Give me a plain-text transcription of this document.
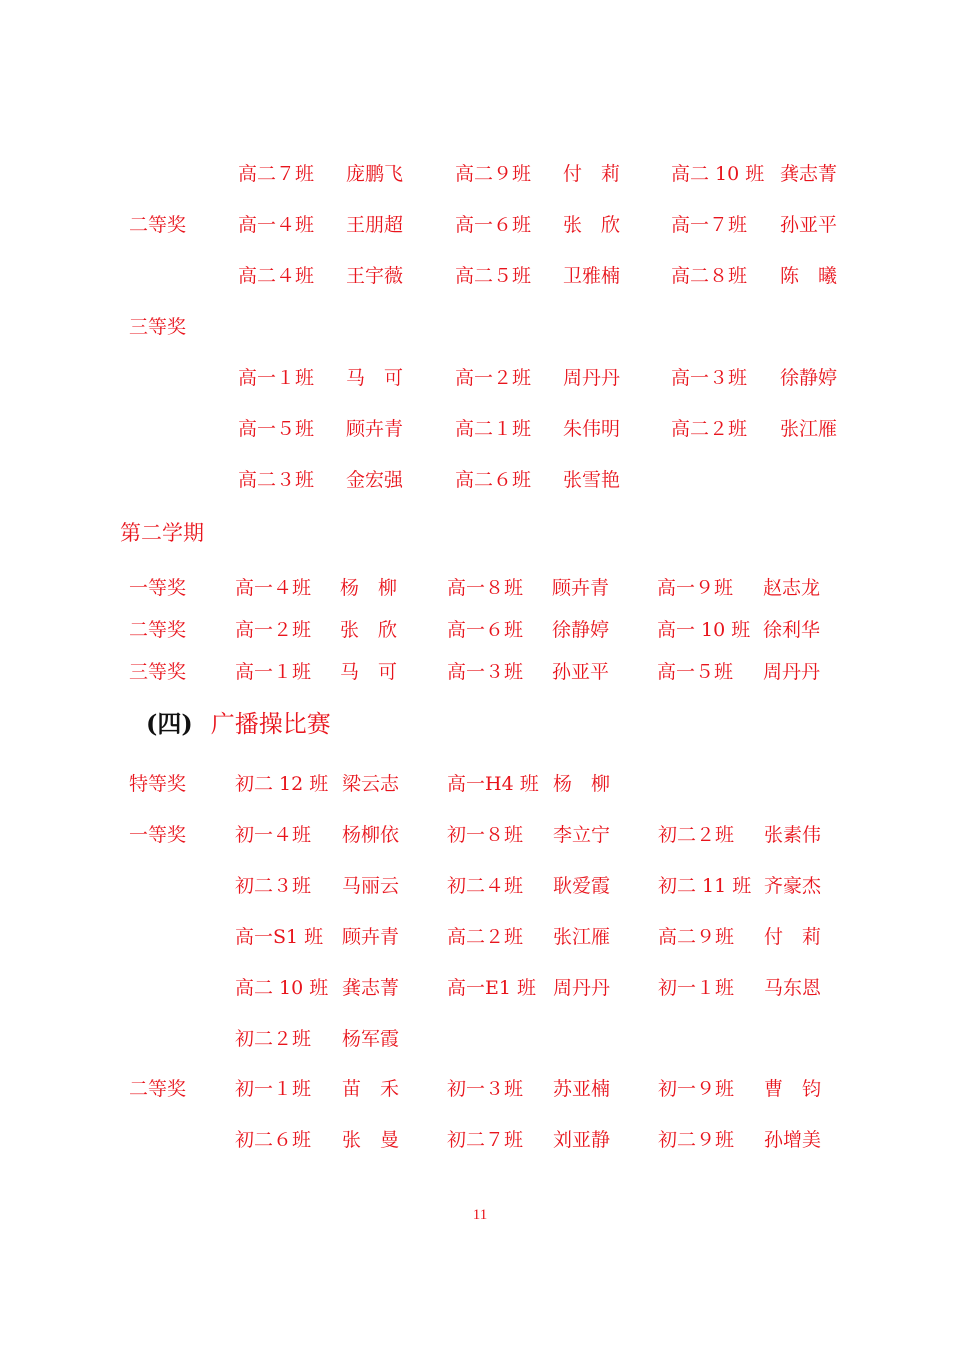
高二７班 庞鹏飞	高二９班 付　莉	高二 10 班 龚志菁
二等奖	高一４班 王朋超	高一６班 张　欣	高一７班 孙亚平
高二４班 王宇薇	高二５班 卫雅楠	高二８班 陈　曦
三等奖
高一１班 马　可	高一２班 周丹丹	高一３班 徐静婷
高一５班 顾卉青	高二１班 朱伟明	高二２班 张江雁
高二３班 金宏强	高二６班 张雪艳
第二学期
一等奖	高一４班 杨　柳	高一８班 顾卉青	高一９班 赵志龙
二等奖	高一２班 张　欣	高一６班 徐静婷	高一 10 班 徐利华
三等奖	高一１班 马　可	高一３班 孙亚平	高一５班 周丹丹
(四) 广播操比赛
特等奖	初二 12 班 梁云志	高一H4 班 杨　柳
一等奖	初一４班 杨柳依	初一８班 李立宁	初二２班 张素伟
初二３班 马丽云	初二４班 耿爱霞	初二 11 班 齐豪杰
高一S1 班 顾卉青	高二２班 张江雁	高二９班 付　莉
高二 10 班 龚志菁	高一E1 班 周丹丹	初一１班 马东恩
初二２班 杨军霞
二等奖	初一１班 苗　禾	初一３班 苏亚楠	初一９班 曹　钧
初二６班 张　曼	初二７班 刘亚静	初二９班 孙增美
11
